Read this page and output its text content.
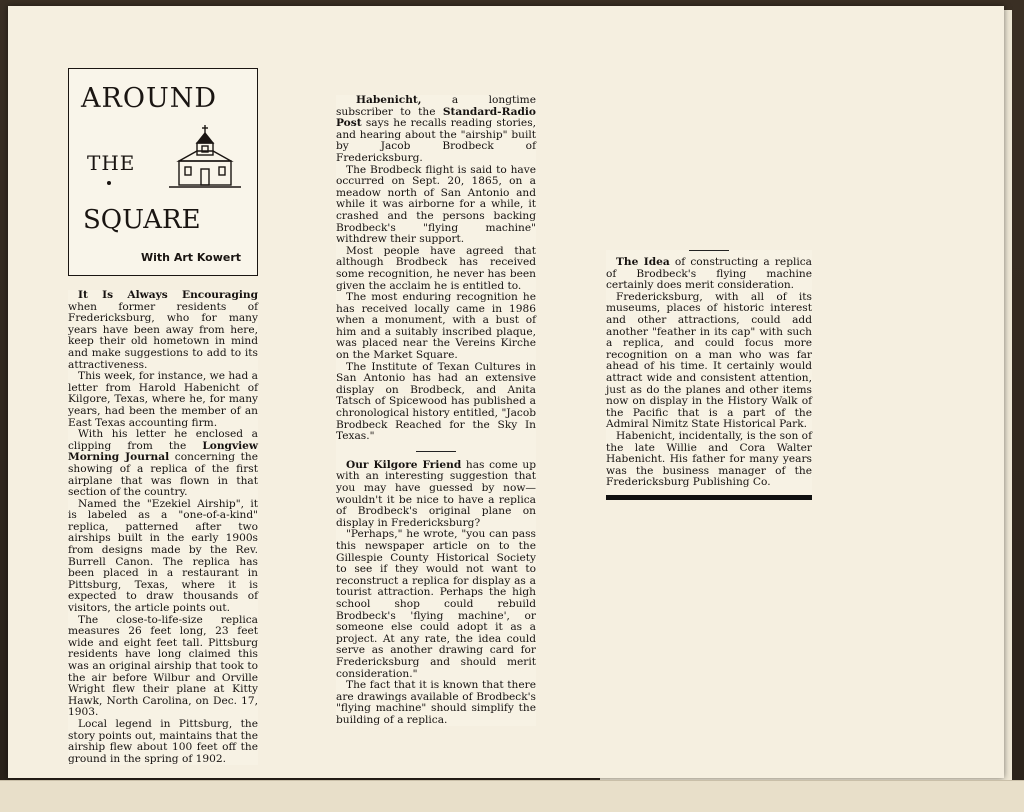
AROUND
THE
SQUARE
With Art Kowert

It Is Always Encouraging when former residents of Fredericksburg, who for many years have been away from here, keep their old hometown in mind and make suggestions to add to its attractiveness.

This week, for instance, we had a letter from Harold Habenicht of Kilgore, Texas, where he, for many years, had been the member of an East Texas accounting firm.

With his letter he enclosed a clipping from the Longview Morning Journal concerning the showing of a replica of the first airplane that was flown in that section of the country.

Named the "Ezekiel Airship", it is labeled as a "one-of-a-kind" replica, patterned after two airships built in the early 1900s from designs made by the Rev. Burrell Canon. The replica has been placed in a restaurant in Pittsburg, Texas, where it is expected to draw thousands of visitors, the article points out.

The close-to-life-size replica measures 26 feet long, 23 feet wide and eight feet tall. Pittsburg residents have long claimed this was an original airship that took to the air before Wilbur and Orville Wright flew their plane at Kitty Hawk, North Carolina, on Dec. 17, 1903.

Local legend in Pittsburg, the story points out, maintains that the airship flew about 100 feet off the ground in the spring of 1902.

Habenicht, a longtime subscriber to the Standard-Radio Post says he recalls reading stories, and hearing about the "airship" built by Jacob Brodbeck of Fredericksburg.

The Brodbeck flight is said to have occurred on Sept. 20, 1865, on a meadow north of San Antonio and while it was airborne for a while, it crashed and the persons backing Brodbeck's "flying machine" withdrew their support.

Most people have agreed that although Brodbeck has received some recognition, he never has been given the acclaim he is entitled to.

The most enduring recognition he has received locally came in 1986 when a monument, with a bust of him and a suitably inscribed plaque, was placed near the Vereins Kirche on the Market Square.

The Institute of Texan Cultures in San Antonio has had an extensive display on Brodbeck, and Anita Tatsch of Spicewood has published a chronological history entitled, "Jacob Brodbeck Reached for the Sky In Texas."

Our Kilgore Friend has come up with an interesting suggestion that you may have guessed by now—wouldn't it be nice to have a replica of Brodbeck's original plane on display in Fredericksburg?

"Perhaps," he wrote, "you can pass this newspaper article on to the Gillespie County Historical Society to see if they would not want to reconstruct a replica for display as a tourist attraction. Perhaps the high school shop could rebuild Brodbeck's 'flying machine', or someone else could adopt it as a project. At any rate, the idea could serve as another drawing card for Fredericksburg and should merit consideration."

The fact that it is known that there are drawings available of Brodbeck's "flying machine" should simplify the building of a replica.

The Idea of constructing a replica of Brodbeck's flying machine certainly does merit consideration.

Fredericksburg, with all of its museums, places of historic interest and other attractions, could add another "feather in its cap" with such a replica, and could focus more recognition on a man who was far ahead of his time. It certainly would attract wide and consistent attention, just as do the planes and other items now on display in the History Walk of the Pacific that is a part of the Admiral Nimitz State Historical Park.

Habenicht, incidentally, is the son of the late Willie and Cora Walter Habenicht. His father for many years was the business manager of the Fredericksburg Publishing Co.
